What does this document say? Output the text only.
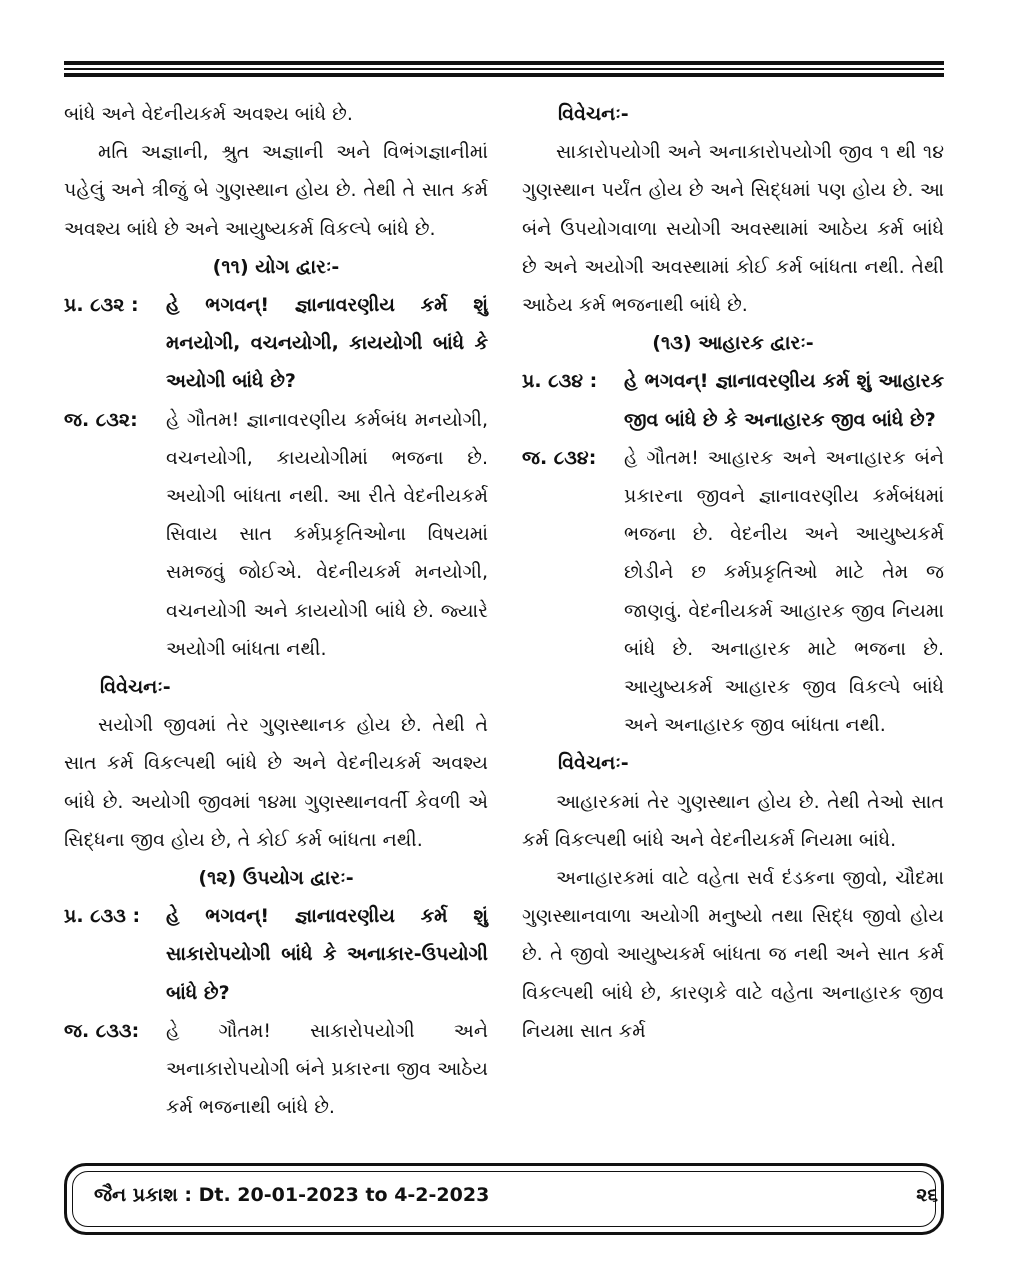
બાંધે અને વેદનીયકર્મ અવશ્ય બાંધે છે.

મતિ અજ્ઞાની, શ્રુત અજ્ઞાની અને વિભંગજ્ઞાનીમાં પહેલું અને ત્રીજું બે ગુણસ્થાન હોય છે. તેથી તે સાત કર્મ અવશ્ય બાંધે છે અને આયુષ્યકર્મ વિકલ્પે બાંધે છે.

(૧૧) યોગ દ્વારઃ-

પ્ર. ૮૩૨ :	હે ભગવન્! જ્ઞાનાવરણીય કર્મ શું મનયોગી, વચનયોગી, કાયયોગી બાંધે કે અયોગી બાંધે છે?
જ. ૮૩૨:	હે ગૌતમ! જ્ઞાનાવરણીય કર્મબંધ મનયોગી, વચનયોગી, કાયયોગીમાં ભજના છે. અયોગી બાંધતા નથી. આ રીતે વેદનીયકર્મ સિવાય સાત કર્મપ્રકૃતિઓના વિષયમાં સમજવું જોઈએ. વેદનીયકર્મ મનયોગી, વચનયોગી અને કાયયોગી બાંધે છે. જ્યારે અયોગી બાંધતા નથી.

વિવેચનઃ-

સયોગી જીવમાં તેર ગુણસ્થાનક હોય છે. તેથી તે સાત કર્મ વિકલ્પથી બાંધે છે અને વેદનીયકર્મ અવશ્ય બાંધે છે. અયોગી જીવમાં ૧૪મા ગુણસ્થાનવર્તી કેવળી એ સિદ્ધના જીવ હોય છે, તે કોઈ કર્મ બાંધતા નથી.

(૧૨) ઉપયોગ દ્વારઃ-

પ્ર. ૮૩૩ :	હે ભગવન્! જ્ઞાનાવરણીય કર્મ શું સાકારોપયોગી બાંધે કે અનાકાર-ઉપયોગી બાંધે છે?
જ. ૮૩૩:	હે ગૌતમ! સાકારોપયોગી અને અનાકારોપયોગી બંને પ્રકારના જીવ આઠેય કર્મ ભજનાથી બાંધે છે.

વિવેચનઃ-

સાકારોપયોગી અને અનાકારોપયોગી જીવ ૧ થી ૧૪ ગુણસ્થાન પર્યંત હોય છે અને સિદ્ધમાં પણ હોય છે. આ બંને ઉપયોગવાળા સયોગી અવસ્થામાં આઠેય કર્મ બાંધે છે અને અયોગી અવસ્થામાં કોઈ કર્મ બાંધતા નથી. તેથી આઠેય કર્મ ભજનાથી બાંધે છે.

(૧૩) આહારક દ્વારઃ-

પ્ર. ૮૩૪ :	હે ભગવન્! જ્ઞાનાવરણીય કર્મ શું આહારક જીવ બાંધે છે કે અનાહારક જીવ બાંધે છે?
જ. ૮૩૪:	હે ગૌતમ! આહારક અને અનાહારક બંને પ્રકારના જીવને જ્ઞાનાવરણીય કર્મબંધમાં ભજના છે. વેદનીય અને આયુષ્યકર્મ છોડીને છ કર્મપ્રકૃતિઓ માટે તેમ જ જાણવું. વેદનીયકર્મ આહારક જીવ નિયમા બાંધે છે. અનાહારક માટે ભજના છે. આયુષ્યકર્મ આહારક જીવ વિકલ્પે બાંધે અને અનાહારક જીવ બાંધતા નથી.

વિવેચનઃ-

આહારકમાં તેર ગુણસ્થાન હોય છે. તેથી તેઓ સાત કર્મ વિકલ્પથી બાંધે અને વેદનીયકર્મ નિયમા બાંધે.

અનાહારકમાં વાટે વહેતા સર્વ દંડકના જીવો, ચૌદમા ગુણસ્થાનવાળા અયોગી મનુષ્યો તથા સિદ્ધ જીવો હોય છે. તે જીવો આયુષ્યકર્મ બાંધતા જ નથી અને સાત કર્મ વિકલ્પથી બાંધે છે, કારણકે વાટે વહેતા અનાહારક જીવ નિયમા સાત કર્મ

જૈન પ્રકાશ : Dt. 20-01-2023 to 4-2-2023	૨૬
